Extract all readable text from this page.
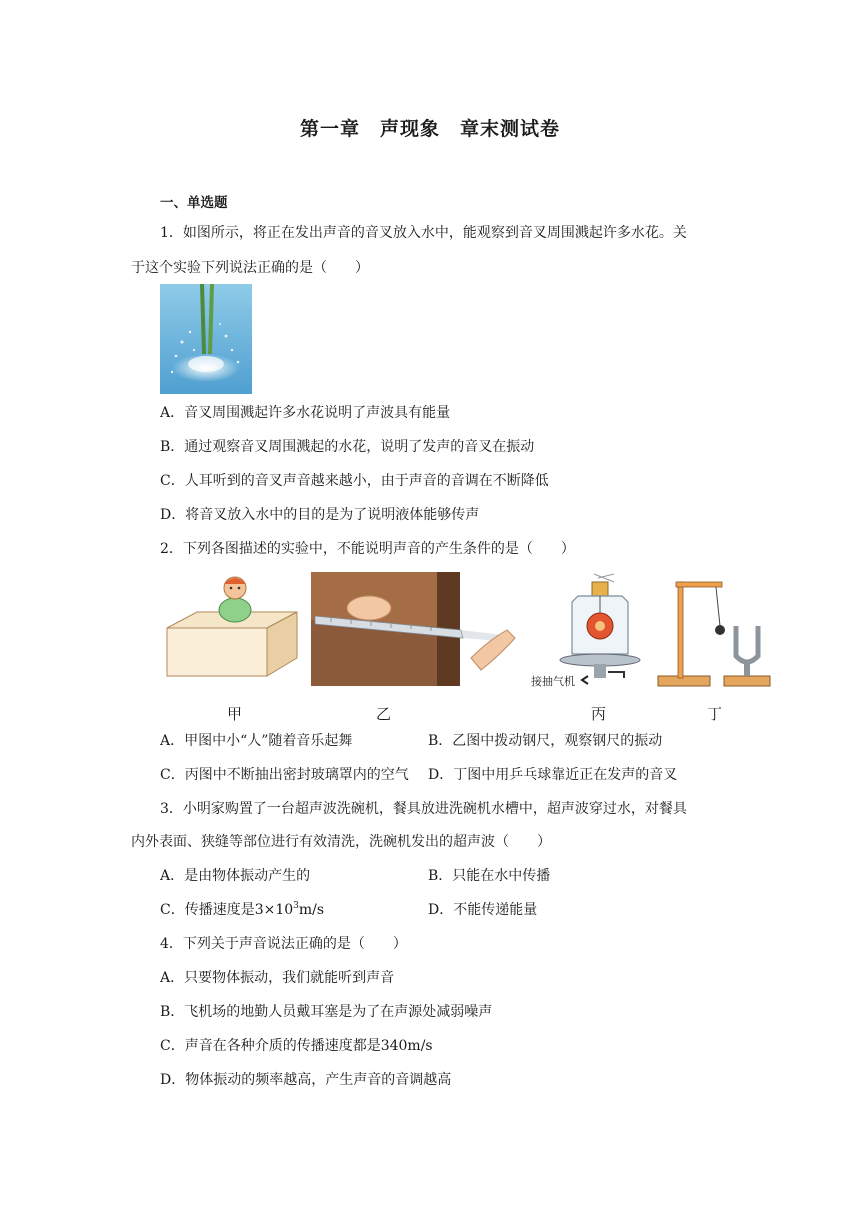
第一章　声现象　章末测试卷
一、单选题
1．如图所示，将正在发出声音的音叉放入水中，能观察到音叉周围溅起许多水花。关
于这个实验下列说法正确的是（　　）
A．音叉周围溅起许多水花说明了声波具有能量
B．通过观察音叉周围溅起的水花，说明了发声的音叉在振动
C．人耳听到的音叉声音越来越小，由于声音的音调在不断降低
D．将音叉放入水中的目的是为了说明液体能够传声
2．下列各图描述的实验中，不能说明声音的产生条件的是（　　）
接抽气机
甲	乙	丙	丁
A．甲图中小“人”随着音乐起舞	B．乙图中拨动钢尺，观察钢尺的振动
C．丙图中不断抽出密封玻璃罩内的空气 D．丁图中用乒乓球靠近正在发声的音叉
3．小明家购置了一台超声波洗碗机，餐具放进洗碗机水槽中，超声波穿过水，对餐具
内外表面、狭缝等部位进行有效清洗，洗碗机发出的超声波（　　）
A．是由物体振动产生的	B．只能在水中传播
C．传播速度是$3\times 10^3m/s$	D．不能传递能量
4．下列关于声音说法正确的是（　　）
A．只要物体振动，我们就能听到声音
B．飞机场的地勤人员戴耳塞是为了在声源处减弱噪声
C．声音在各种介质的传播速度都是340m/s
D．物体振动的频率越高，产生声音的音调越高
